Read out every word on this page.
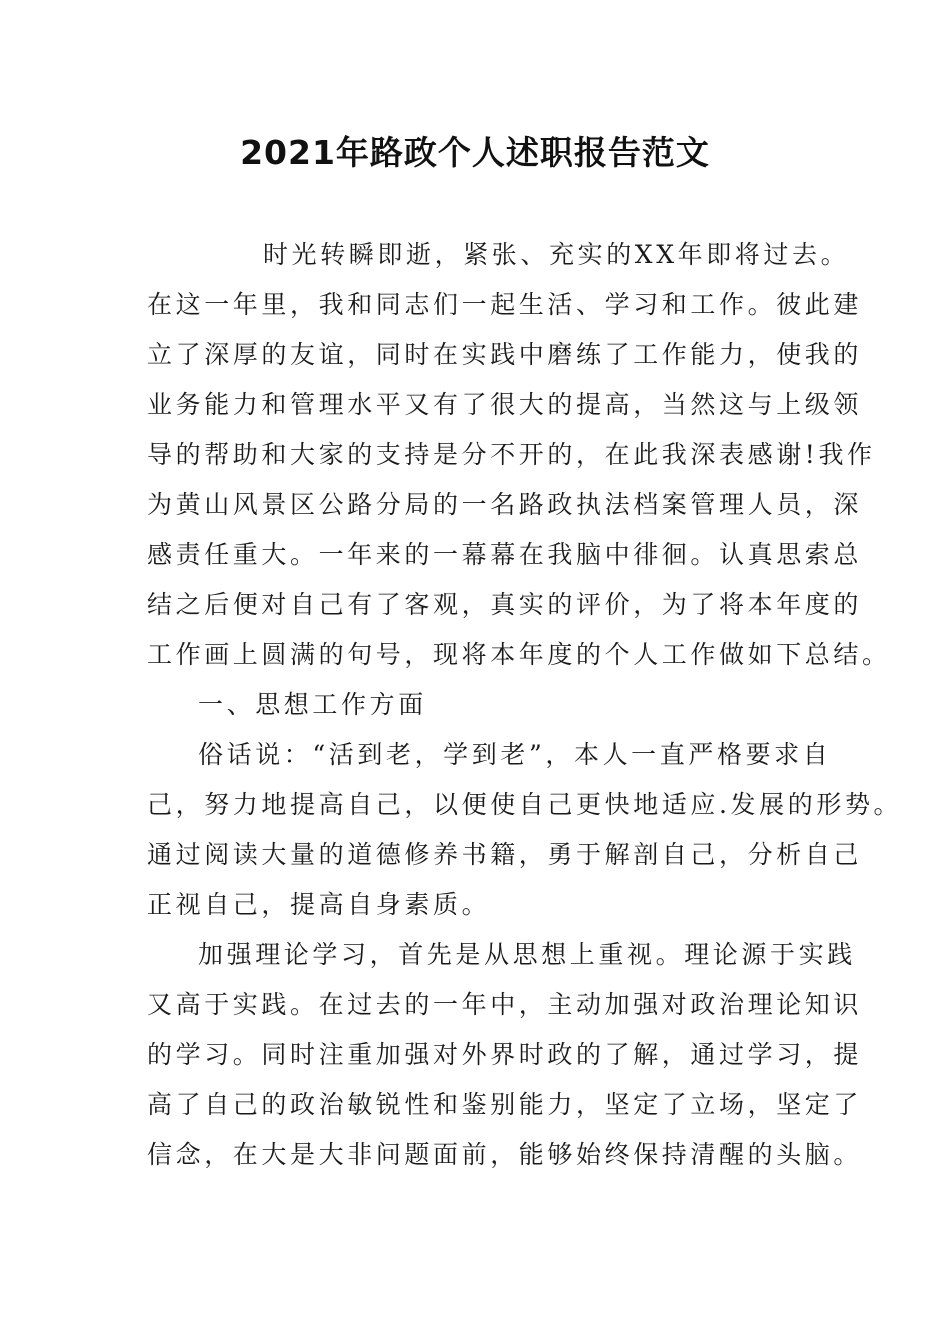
2021年路政个人述职报告范文
时光转瞬即逝，紧张、充实的XX年即将过去。
在这一年里，我和同志们一起生活、学习和工作。彼此建
立了深厚的友谊，同时在实践中磨练了工作能力，使我的
业务能力和管理水平又有了很大的提高，当然这与上级领
导的帮助和大家的支持是分不开的，在此我深表感谢!我作
为黄山风景区公路分局的一名路政执法档案管理人员，深
感责任重大。一年来的一幕幕在我脑中徘徊。认真思索总
结之后便对自己有了客观，真实的评价，为了将本年度的
工作画上圆满的句号，现将本年度的个人工作做如下总结。
一、思想工作方面
俗话说：“活到老，学到老”，本人一直严格要求自
己，努力地提高自己，以便使自己更快地适应.发展的形势。
通过阅读大量的道德修养书籍，勇于解剖自己，分析自己
正视自己，提高自身素质。
加强理论学习，首先是从思想上重视。理论源于实践
又高于实践。在过去的一年中，主动加强对政治理论知识
的学习。同时注重加强对外界时政的了解，通过学习，提
高了自己的政治敏锐性和鉴别能力，坚定了立场，坚定了
信念，在大是大非问题面前，能够始终保持清醒的头脑。
